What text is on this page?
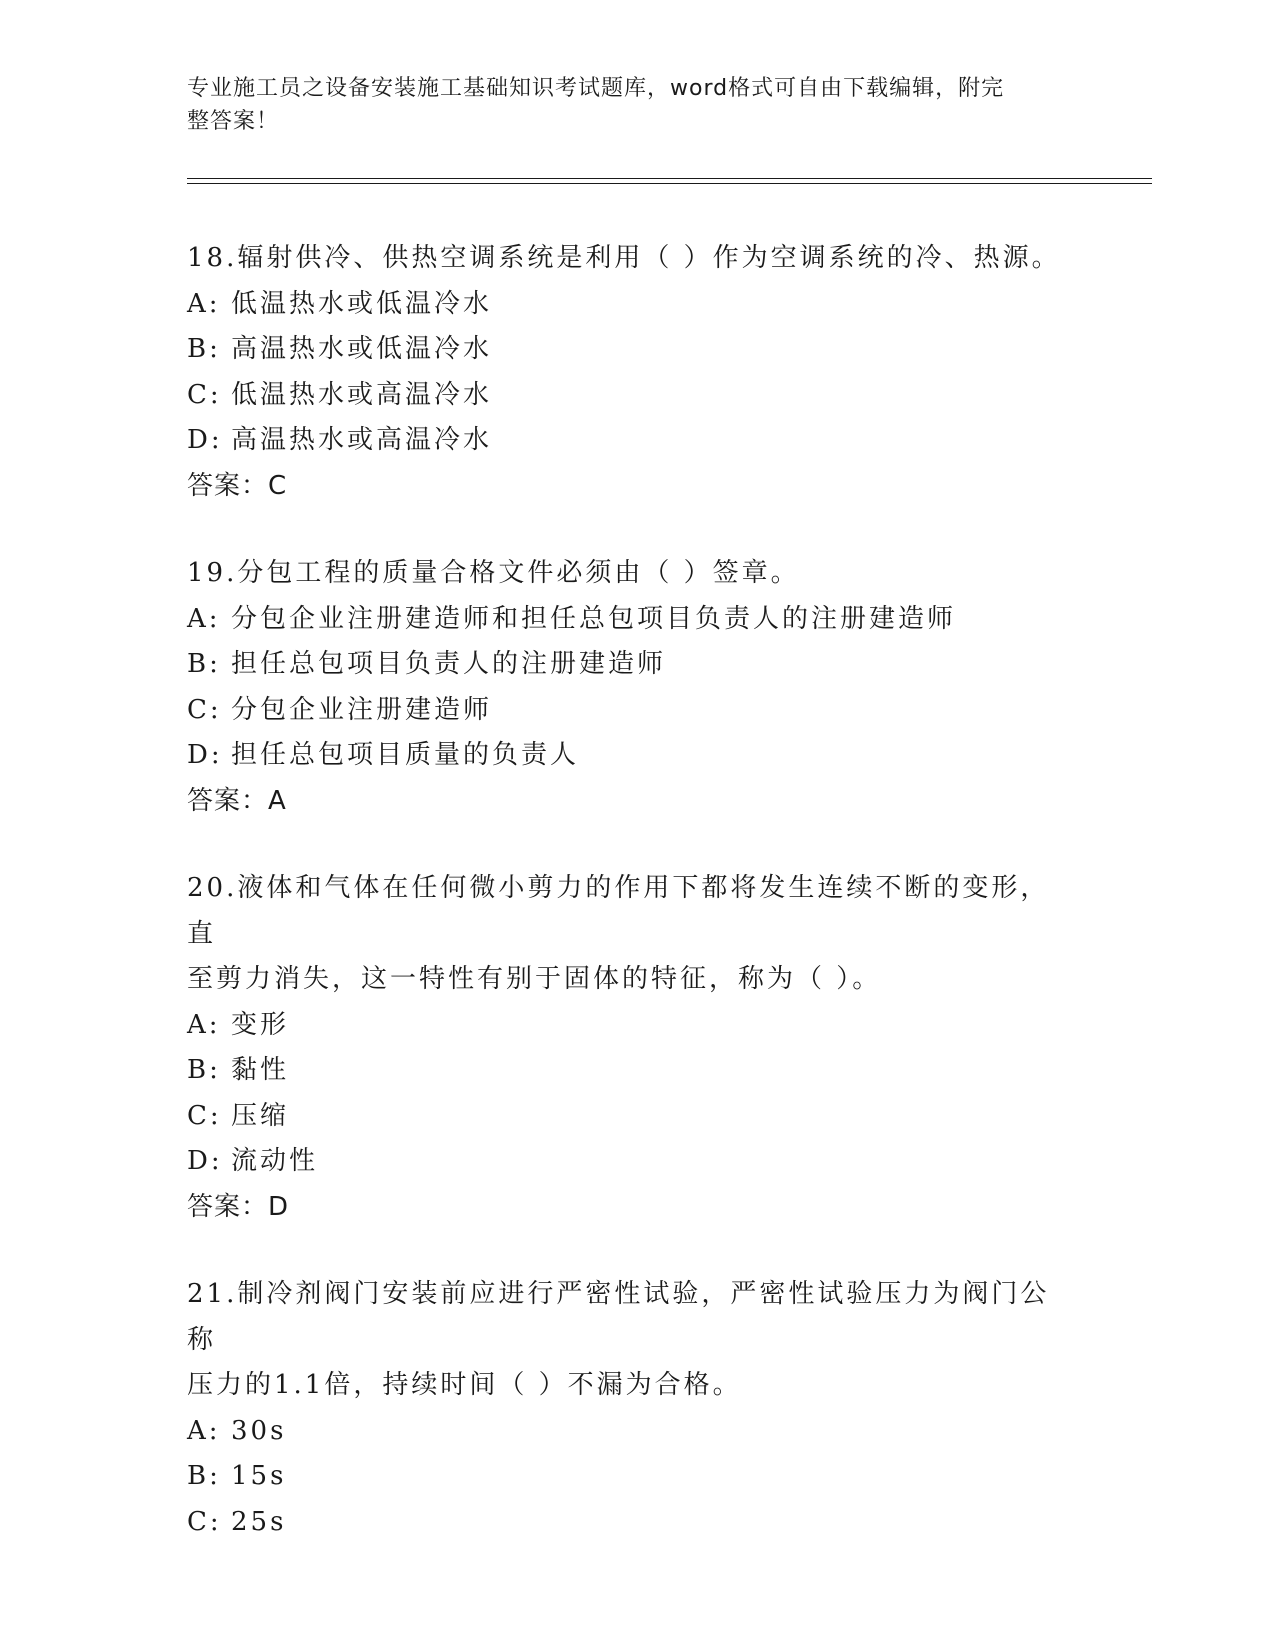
专业施工员之设备安装施工基础知识考试题库，word格式可自由下载编辑，附完
整答案！
18.辐射供冷、供热空调系统是利用（ ）作为空调系统的冷、热源。
A: 低温热水或低温冷水
B: 高温热水或低温冷水
C: 低温热水或高温冷水
D: 高温热水或高温冷水
答案：C
19.分包工程的质量合格文件必须由（ ）签章。
A: 分包企业注册建造师和担任总包项目负责人的注册建造师
B: 担任总包项目负责人的注册建造师
C: 分包企业注册建造师
D: 担任总包项目质量的负责人
答案：A
20.液体和气体在任何微小剪力的作用下都将发生连续不断的变形，直
至剪力消失，这一特性有别于固体的特征，称为（ ）。
A: 变形
B: 黏性
C: 压缩
D: 流动性
答案：D
21.制冷剂阀门安装前应进行严密性试验，严密性试验压力为阀门公称
压力的1.1倍，持续时间（ ）不漏为合格。
A: 30s
B: 15s
C: 25s
